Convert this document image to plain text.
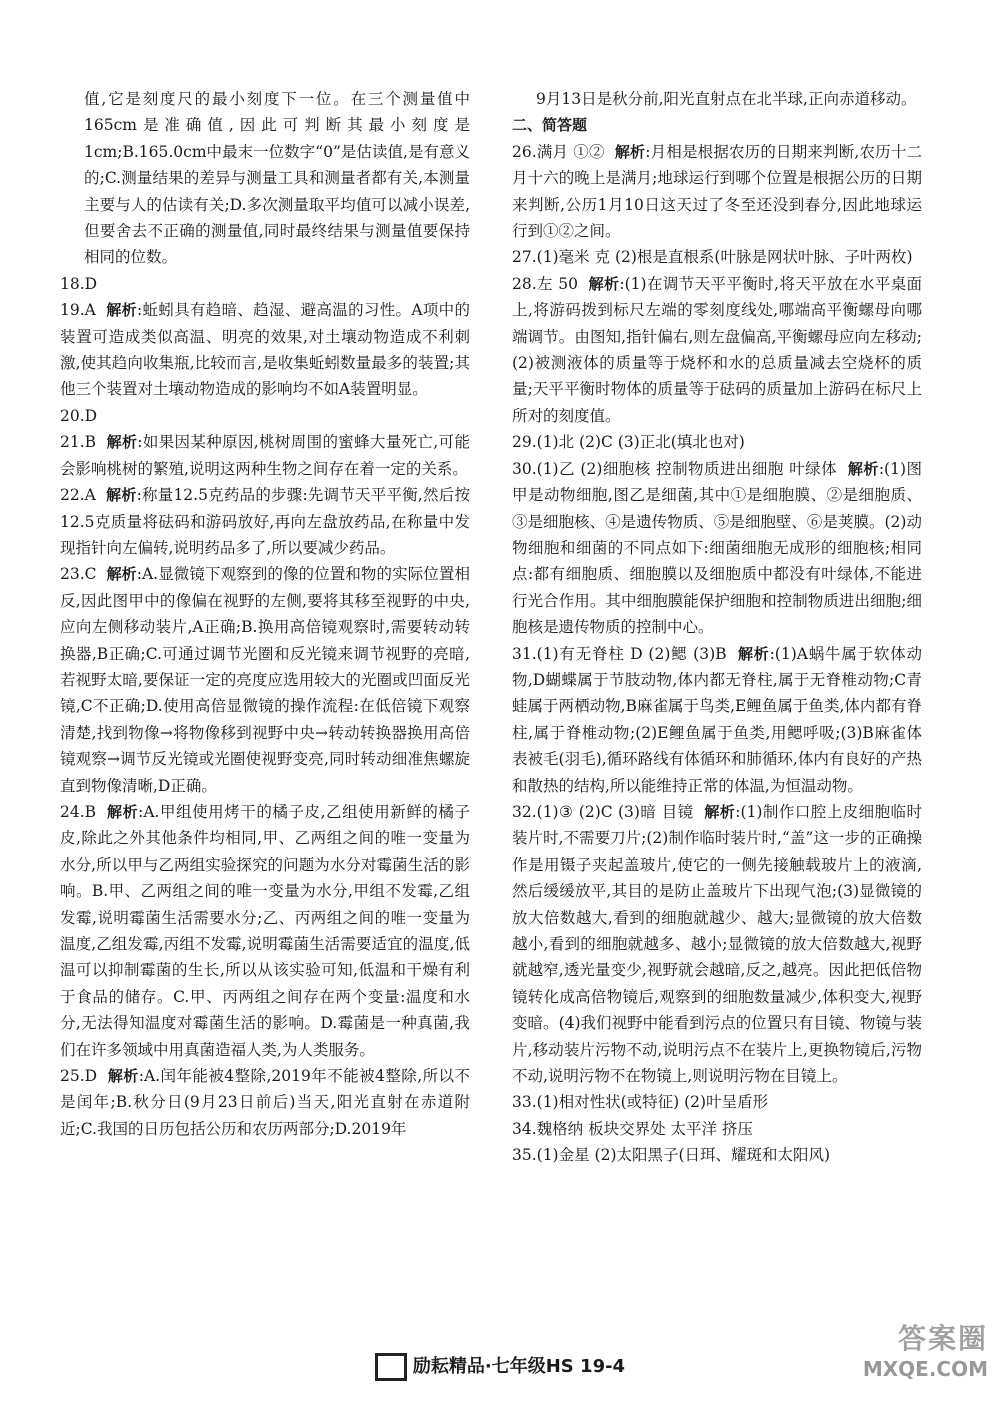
值,它是刻度尺的最小刻度下一位。在三个测量值中165cm是准确值,因此可判断其最小刻度是1cm;B.165.0cm中最末一位数字“0”是估读值,是有意义的;C.测量结果的差异与测量工具和测量者都有关,本测量主要与人的估读有关;D.多次测量取平均值可以减小误差,但要舍去不正确的测量值,同时最终结果与测量值要保持相同的位数。

18.D

19.A 解析:蚯蚓具有趋暗、趋湿、避高温的习性。A项中的装置可造成类似高温、明亮的效果,对土壤动物造成不利刺激,使其趋向收集瓶,比较而言,是收集蚯蚓数量最多的装置;其他三个装置对土壤动物造成的影响均不如A装置明显。

20.D

21.B 解析:如果因某种原因,桃树周围的蜜蜂大量死亡,可能会影响桃树的繁殖,说明这两种生物之间存在着一定的关系。

22.A 解析:称量12.5克药品的步骤:先调节天平平衡,然后按12.5克质量将砝码和游码放好,再向左盘放药品,在称量中发现指针向左偏转,说明药品多了,所以要减少药品。

23.C 解析:A.显微镜下观察到的像的位置和物的实际位置相反,因此图甲中的像偏在视野的左侧,要将其移至视野的中央,应向左侧移动装片,A正确;B.换用高倍镜观察时,需要转动转换器,B正确;C.可通过调节光圈和反光镜来调节视野的亮暗,若视野太暗,要保证一定的亮度应选用较大的光圈或凹面反光镜,C不正确;D.使用高倍显微镜的操作流程:在低倍镜下观察清楚,找到物像→将物像移到视野中央→转动转换器换用高倍镜观察→调节反光镜或光圈使视野变亮,同时转动细准焦螺旋直到物像清晰,D正确。

24.B 解析:A.甲组使用烤干的橘子皮,乙组使用新鲜的橘子皮,除此之外其他条件均相同,甲、乙两组之间的唯一变量为水分,所以甲与乙两组实验探究的问题为水分对霉菌生活的影响。B.甲、乙两组之间的唯一变量为水分,甲组不发霉,乙组发霉,说明霉菌生活需要水分;乙、丙两组之间的唯一变量为温度,乙组发霉,丙组不发霉,说明霉菌生活需要适宜的温度,低温可以抑制霉菌的生长,所以从该实验可知,低温和干燥有利于食品的储存。C.甲、丙两组之间存在两个变量:温度和水分,无法得知温度对霉菌生活的影响。D.霉菌是一种真菌,我们在许多领域中用真菌造福人类,为人类服务。

25.D 解析:A.闰年能被4整除,2019年不能被4整除,所以不是闰年;B.秋分日(9月23日前后)当天,阳光直射在赤道附近;C.我国的日历包括公历和农历两部分;D.2019年

9月13日是秋分前,阳光直射点在北半球,正向赤道移动。

二、简答题

26.满月 ①② 解析:月相是根据农历的日期来判断,农历十二月十六的晚上是满月;地球运行到哪个位置是根据公历的日期来判断,公历1月10日这天过了冬至还没到春分,因此地球运行到①②之间。

27.(1)毫米 克 (2)根是直根系(叶脉是网状叶脉、子叶两枚)

28.左 50 解析:(1)在调节天平平衡时,将天平放在水平桌面上,将游码拨到标尺左端的零刻度线处,哪端高平衡螺母向哪端调节。由图知,指针偏右,则左盘偏高,平衡螺母应向左移动;(2)被测液体的质量等于烧杯和水的总质量减去空烧杯的质量;天平平衡时物体的质量等于砝码的质量加上游码在标尺上所对的刻度值。

29.(1)北 (2)C (3)正北(填北也对)

30.(1)乙 (2)细胞核 控制物质进出细胞 叶绿体 解析:(1)图甲是动物细胞,图乙是细菌,其中①是细胞膜、②是细胞质、③是细胞核、④是遗传物质、⑤是细胞壁、⑥是荚膜。(2)动物细胞和细菌的不同点如下:细菌细胞无成形的细胞核;相同点:都有细胞质、细胞膜以及细胞质中都没有叶绿体,不能进行光合作用。其中细胞膜能保护细胞和控制物质进出细胞;细胞核是遗传物质的控制中心。

31.(1)有无脊柱 D (2)鳃 (3)B 解析:(1)A蜗牛属于软体动物,D蝴蝶属于节肢动物,体内都无脊柱,属于无脊椎动物;C青蛙属于两栖动物,B麻雀属于鸟类,E鲤鱼属于鱼类,体内都有脊柱,属于脊椎动物;(2)E鲤鱼属于鱼类,用鳃呼吸;(3)B麻雀体表被毛(羽毛),循环路线有体循环和肺循环,体内有良好的产热和散热的结构,所以能维持正常的体温,为恒温动物。

32.(1)③ (2)C (3)暗 目镜 解析:(1)制作口腔上皮细胞临时装片时,不需要刀片;(2)制作临时装片时,“盖”这一步的正确操作是用镊子夹起盖玻片,使它的一侧先接触载玻片上的液滴,然后缓缓放平,其目的是防止盖玻片下出现气泡;(3)显微镜的放大倍数越大,看到的细胞就越少、越大;显微镜的放大倍数越小,看到的细胞就越多、越小;显微镜的放大倍数越大,视野就越窄,透光量变少,视野就会越暗,反之,越亮。因此把低倍物镜转化成高倍物镜后,观察到的细胞数量减少,体积变大,视野变暗。(4)我们视野中能看到污点的位置只有目镜、物镜与装片,移动装片污物不动,说明污点不在装片上,更换物镜后,污物不动,说明污物不在物镜上,则说明污物在目镜上。

33.(1)相对性状(或特征) (2)叶呈盾形

34.魏格纳 板块交界处 太平洋 挤压

35.(1)金星 (2)太阳黑子(日珥、耀斑和太阳风)

励耘精品·七年级HS 19-4
答案圈
MXQE.COM
